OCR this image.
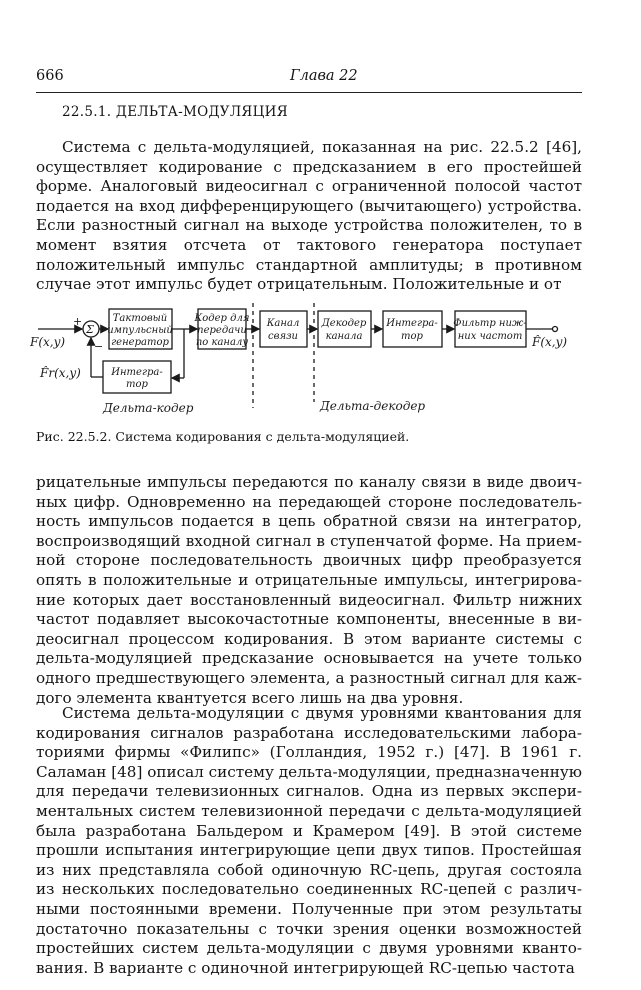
666	Глава 22
22.5.1. ДЕЛЬТА-МОДУЛЯЦИЯ

Система с дельта-модуляцией, показанная на рис. 22.5.2 [46], осуществляет кодирование с предсказанием в его простейшей форме. Аналоговый видеосигнал с ограниченной полосой частот подается на вход дифференцирующего (вычитающего) устройства. Если разностный сигнал на выходе устройства положителен, то в момент взятия отсчета от тактового генератора поступает положительный импульс стандартной амплитуды; в противном случае этот импульс будет отрицательным. Положительные и от

+
−
Σ
F(x,y)
F̂r(x,y)
F̂(x,y)
Тактовый
импульсный
генератор
Кодер для
передачи
по каналу
Канал
связи
Декодер
канала
Интегра-
тор
Фильтр ниж-
них частот
Интегра-
тор
Дельта-кодер	Дельта-декодер
Рис. 22.5.2. Система кодирования с дельта-модуляцией.

рицательные импульсы передаются по каналу связи в виде двоичных цифр. Одновременно на передающей стороне последовательность импульсов подается в цепь обратной связи на интегратор, воспроизводящий входной сигнал в ступенчатой форме. На приемной стороне последовательность двоичных цифр преобразуется опять в положительные и отрицательные импульсы, интегрирование которых дает восстановленный видеосигнал. Фильтр нижних частот подавляет высокочастотные компоненты, внесенные в видеосигнал процессом кодирования. В этом варианте системы с дельта-модуляцией предсказание основывается на учете только одного предшествующего элемента, а разностный сигнал для каждого элемента квантуется всего лишь на два уровня.

Система дельта-модуляции с двумя уровнями квантования для кодирования сигналов разработана исследовательскими лабораториями фирмы «Филипс» (Голландия, 1952 г.) [47]. В 1961 г. Саламан [48] описал систему дельта-модуляции, предназначенную для передачи телевизионных сигналов. Одна из первых экспериментальных систем телевизионной передачи с дельта-модуляцией была разработана Бальдером и Крамером [49]. В этой системе прошли испытания интегрирующие цепи двух типов. Простейшая из них представляла собой одиночную RC-цепь, другая состояла из нескольких последовательно соединенных RC-цепей с различными постоянными времени. Полученные при этом результаты достаточно показательны с точки зрения оценки возможностей простейших систем дельта-модуляции с двумя уровнями квантования. В варианте с одиночной интегрирующей RC-цепью частота
